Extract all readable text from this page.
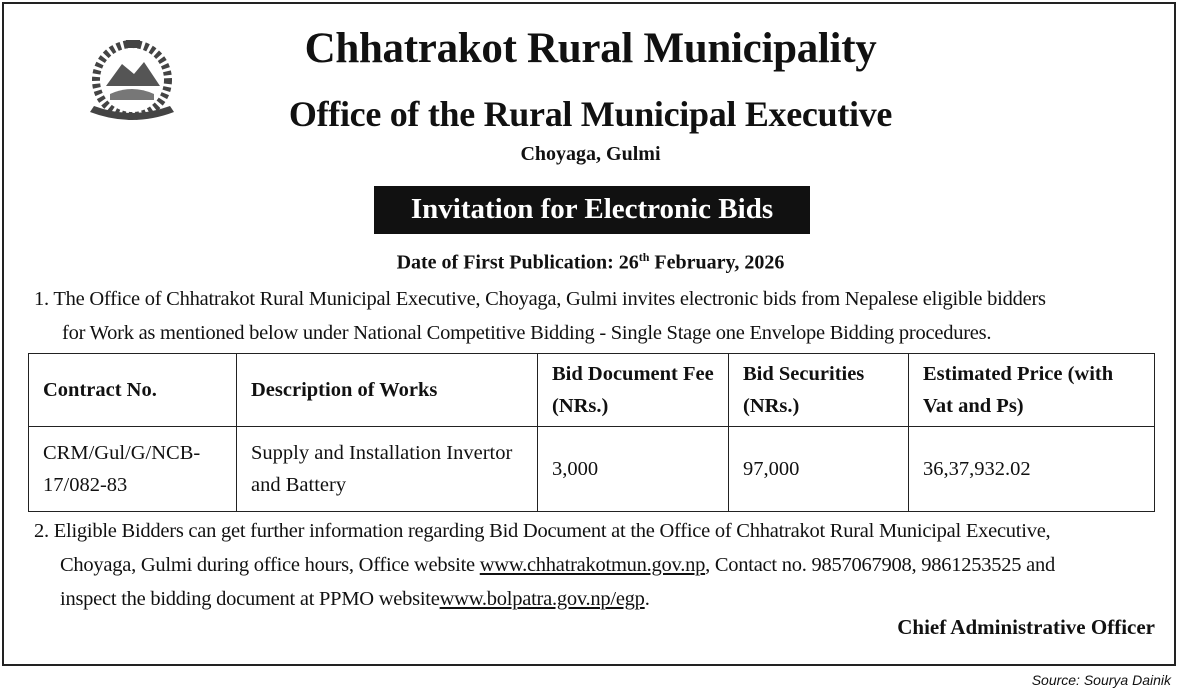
Chhatrakot Rural Municipality
Office of the Rural Municipal Executive
Choyaga, Gulmi
Invitation for Electronic Bids
Date of First Publication: 26th February, 2026
1. The Office of Chhatrakot Rural Municipal Executive, Choyaga, Gulmi invites electronic bids from Nepalese eligible bidders
for Work as mentioned below under National Competitive Bidding - Single Stage one Envelope Bidding procedures.
Contract No.	Description of Works	Bid Document Fee (NRs.)	Bid Securities (NRs.)	Estimated Price (with Vat and Ps)
CRM/Gul/G/NCB-17/082-83	Supply and Installation Invertor and Battery	3,000	97,000	36,37,932.02
2. Eligible Bidders can get further information regarding Bid Document at the Office of Chhatrakot Rural Municipal Executive,
Choyaga, Gulmi during office hours, Office website www.chhatrakotmun.gov.np, Contact no. 9857067908, 9861253525 and
inspect the bidding document at PPMO websitewww.bolpatra.gov.np/egp.
Chief Administrative Officer
Source: Sourya Dainik
